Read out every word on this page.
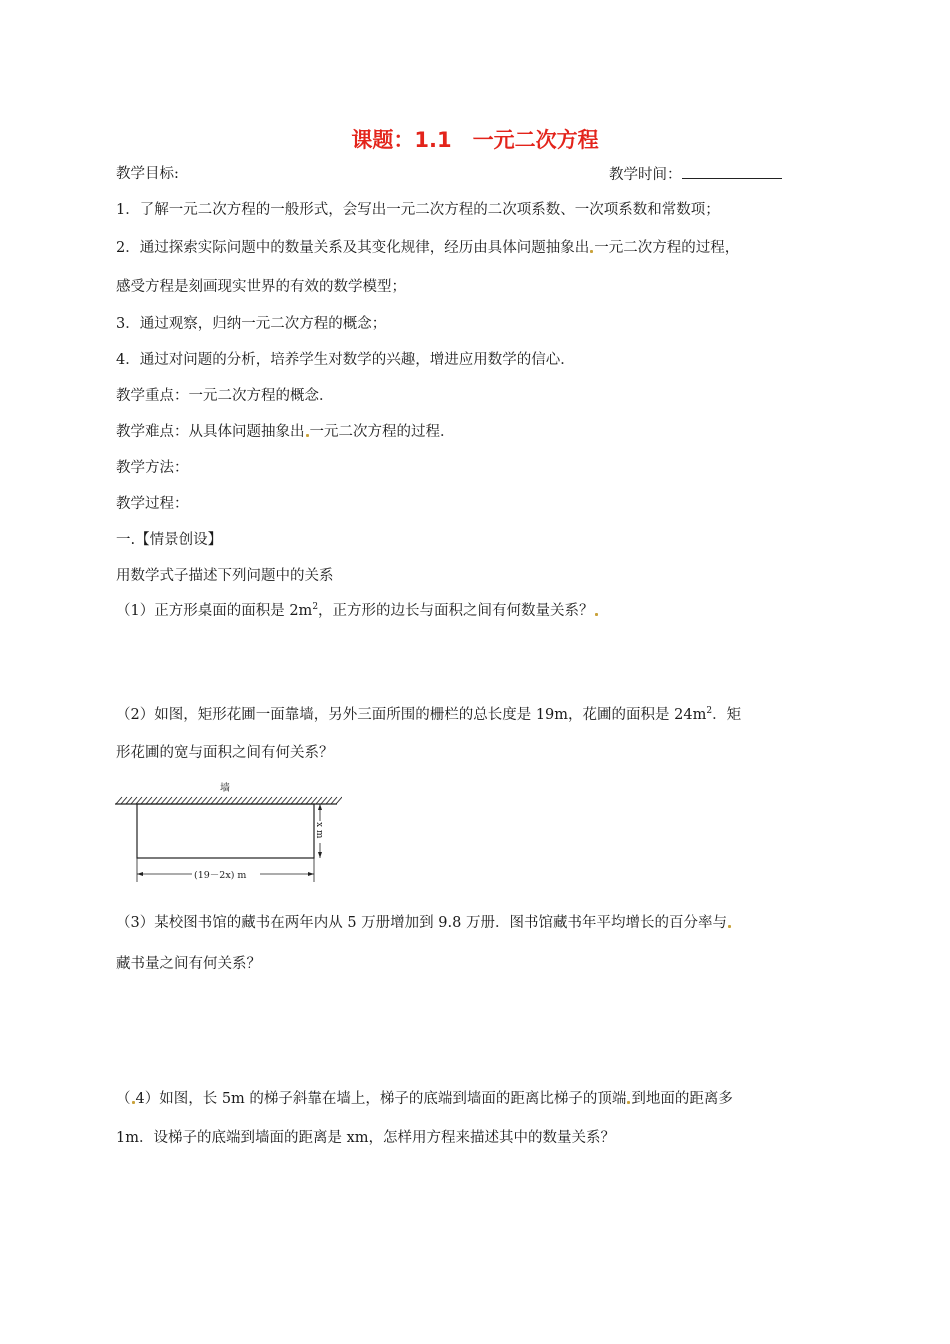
课题：1.1　一元二次方程
教学目标:	教学时间：
1．了解一元二次方程的一般形式，会写出一元二次方程的二次项系数、一次项系数和常数项；
2．通过探索实际问题中的数量关系及其变化规律，经历由具体问题抽象出 一元二次方程的过程，
感受方程是刻画现实世界的有效的数学模型；
3．通过观察，归纳一元二次方程的概念；
4．通过对问题的分析，培养学生对数学的兴趣，增进应用数学的信心．
教学重点：一元二次方程的概念．
教学难点：从具体问题抽象出 一元二次方程的过程．
教学方法：
教学过程：
一.【情景创设】
用数学式子描述下列问题中的关系
（1）正方形桌面的面积是 $2m^2$，正方形的边长与面积之间有何数量关系？
（2）如图，矩形花圃一面靠墙，另外三面所围的栅栏的总长度是 19m，花圃的面积是 $24m^2$．矩
形花圃的宽与面积之间有何关系？
墙
x m
(19－2x) m
（3）某校图书馆的藏书在两年内从 5 万册增加到 9.8 万册．图书馆藏书年平均增长的百分率与
藏书量之间有何关系？
（ 4）如图，长 5m 的梯子斜靠在墙上，梯子的底端到墙面的距离比梯子的顶端 到地面的距离多
1m．设梯子的底端到墙面的距离是 xm，怎样用方程来描述其中的数量关系？
